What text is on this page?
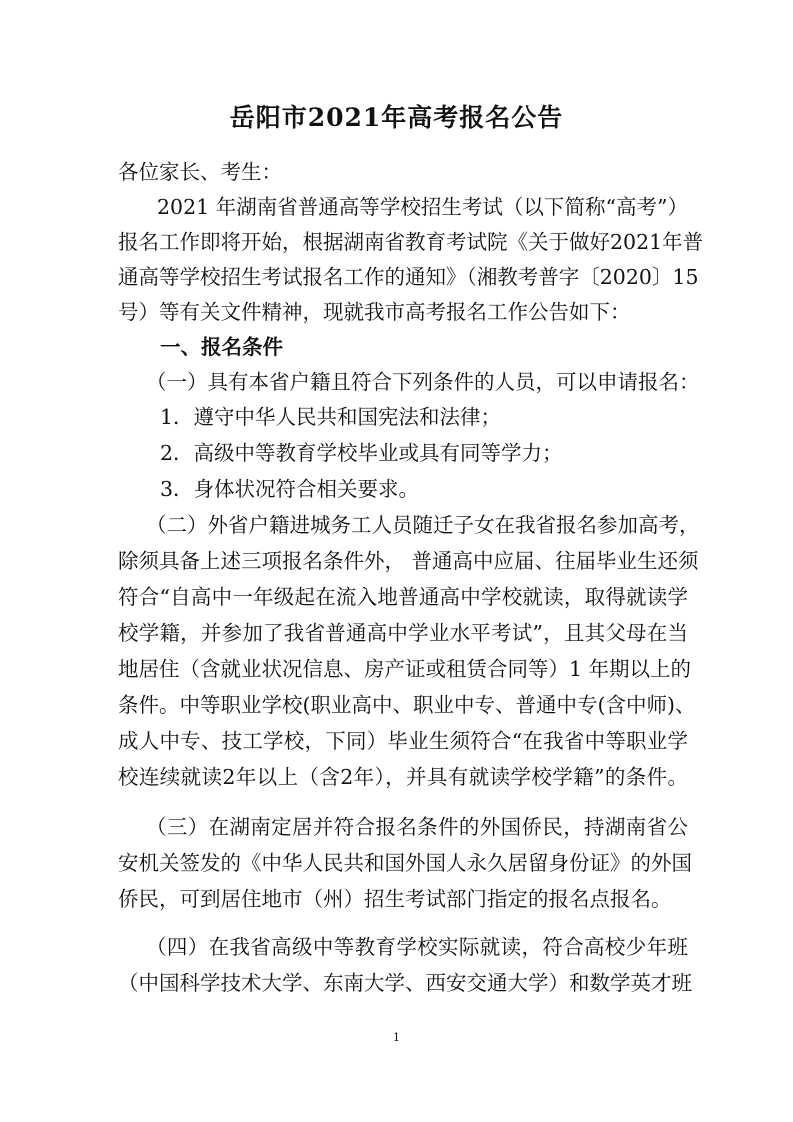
岳阳市2021年高考报名公告
各位家长、考生：
2021 年湖南省普通高等学校招生考试（以下简称“高考”）
报名工作即将开始，根据湖南省教育考试院《关于做好2021年普
通高等学校招生考试报名工作的通知》（湘教考普字〔2020〕15
号）等有关文件精神，现就我市高考报名工作公告如下：
一、报名条件
（一）具有本省户籍且符合下列条件的人员，可以申请报名：
1．遵守中华人民共和国宪法和法律；
2．高级中等教育学校毕业或具有同等学力；
3．身体状况符合相关要求。
（二）外省户籍进城务工人员随迁子女在我省报名参加高考，
除须具备上述三项报名条件外， 普通高中应届、往届毕业生还须
符合“自高中一年级起在流入地普通高中学校就读，取得就读学
校学籍，并参加了我省普通高中学业水平考试”，且其父母在当
地居住（含就业状况信息、房产证或租赁合同等）1 年期以上的
条件。中等职业学校(职业高中、职业中专、普通中专(含中师)、
成人中专、技工学校，下同）毕业生须符合“在我省中等职业学
校连续就读2年以上（含2年），并具有就读学校学籍”的条件。
（三）在湖南定居并符合报名条件的外国侨民，持湖南省公
安机关签发的《中华人民共和国外国人永久居留身份证》的外国
侨民，可到居住地市（州）招生考试部门指定的报名点报名。
（四）在我省高级中等教育学校实际就读，符合高校少年班
（中国科学技术大学、东南大学、西安交通大学）和数学英才班
1
